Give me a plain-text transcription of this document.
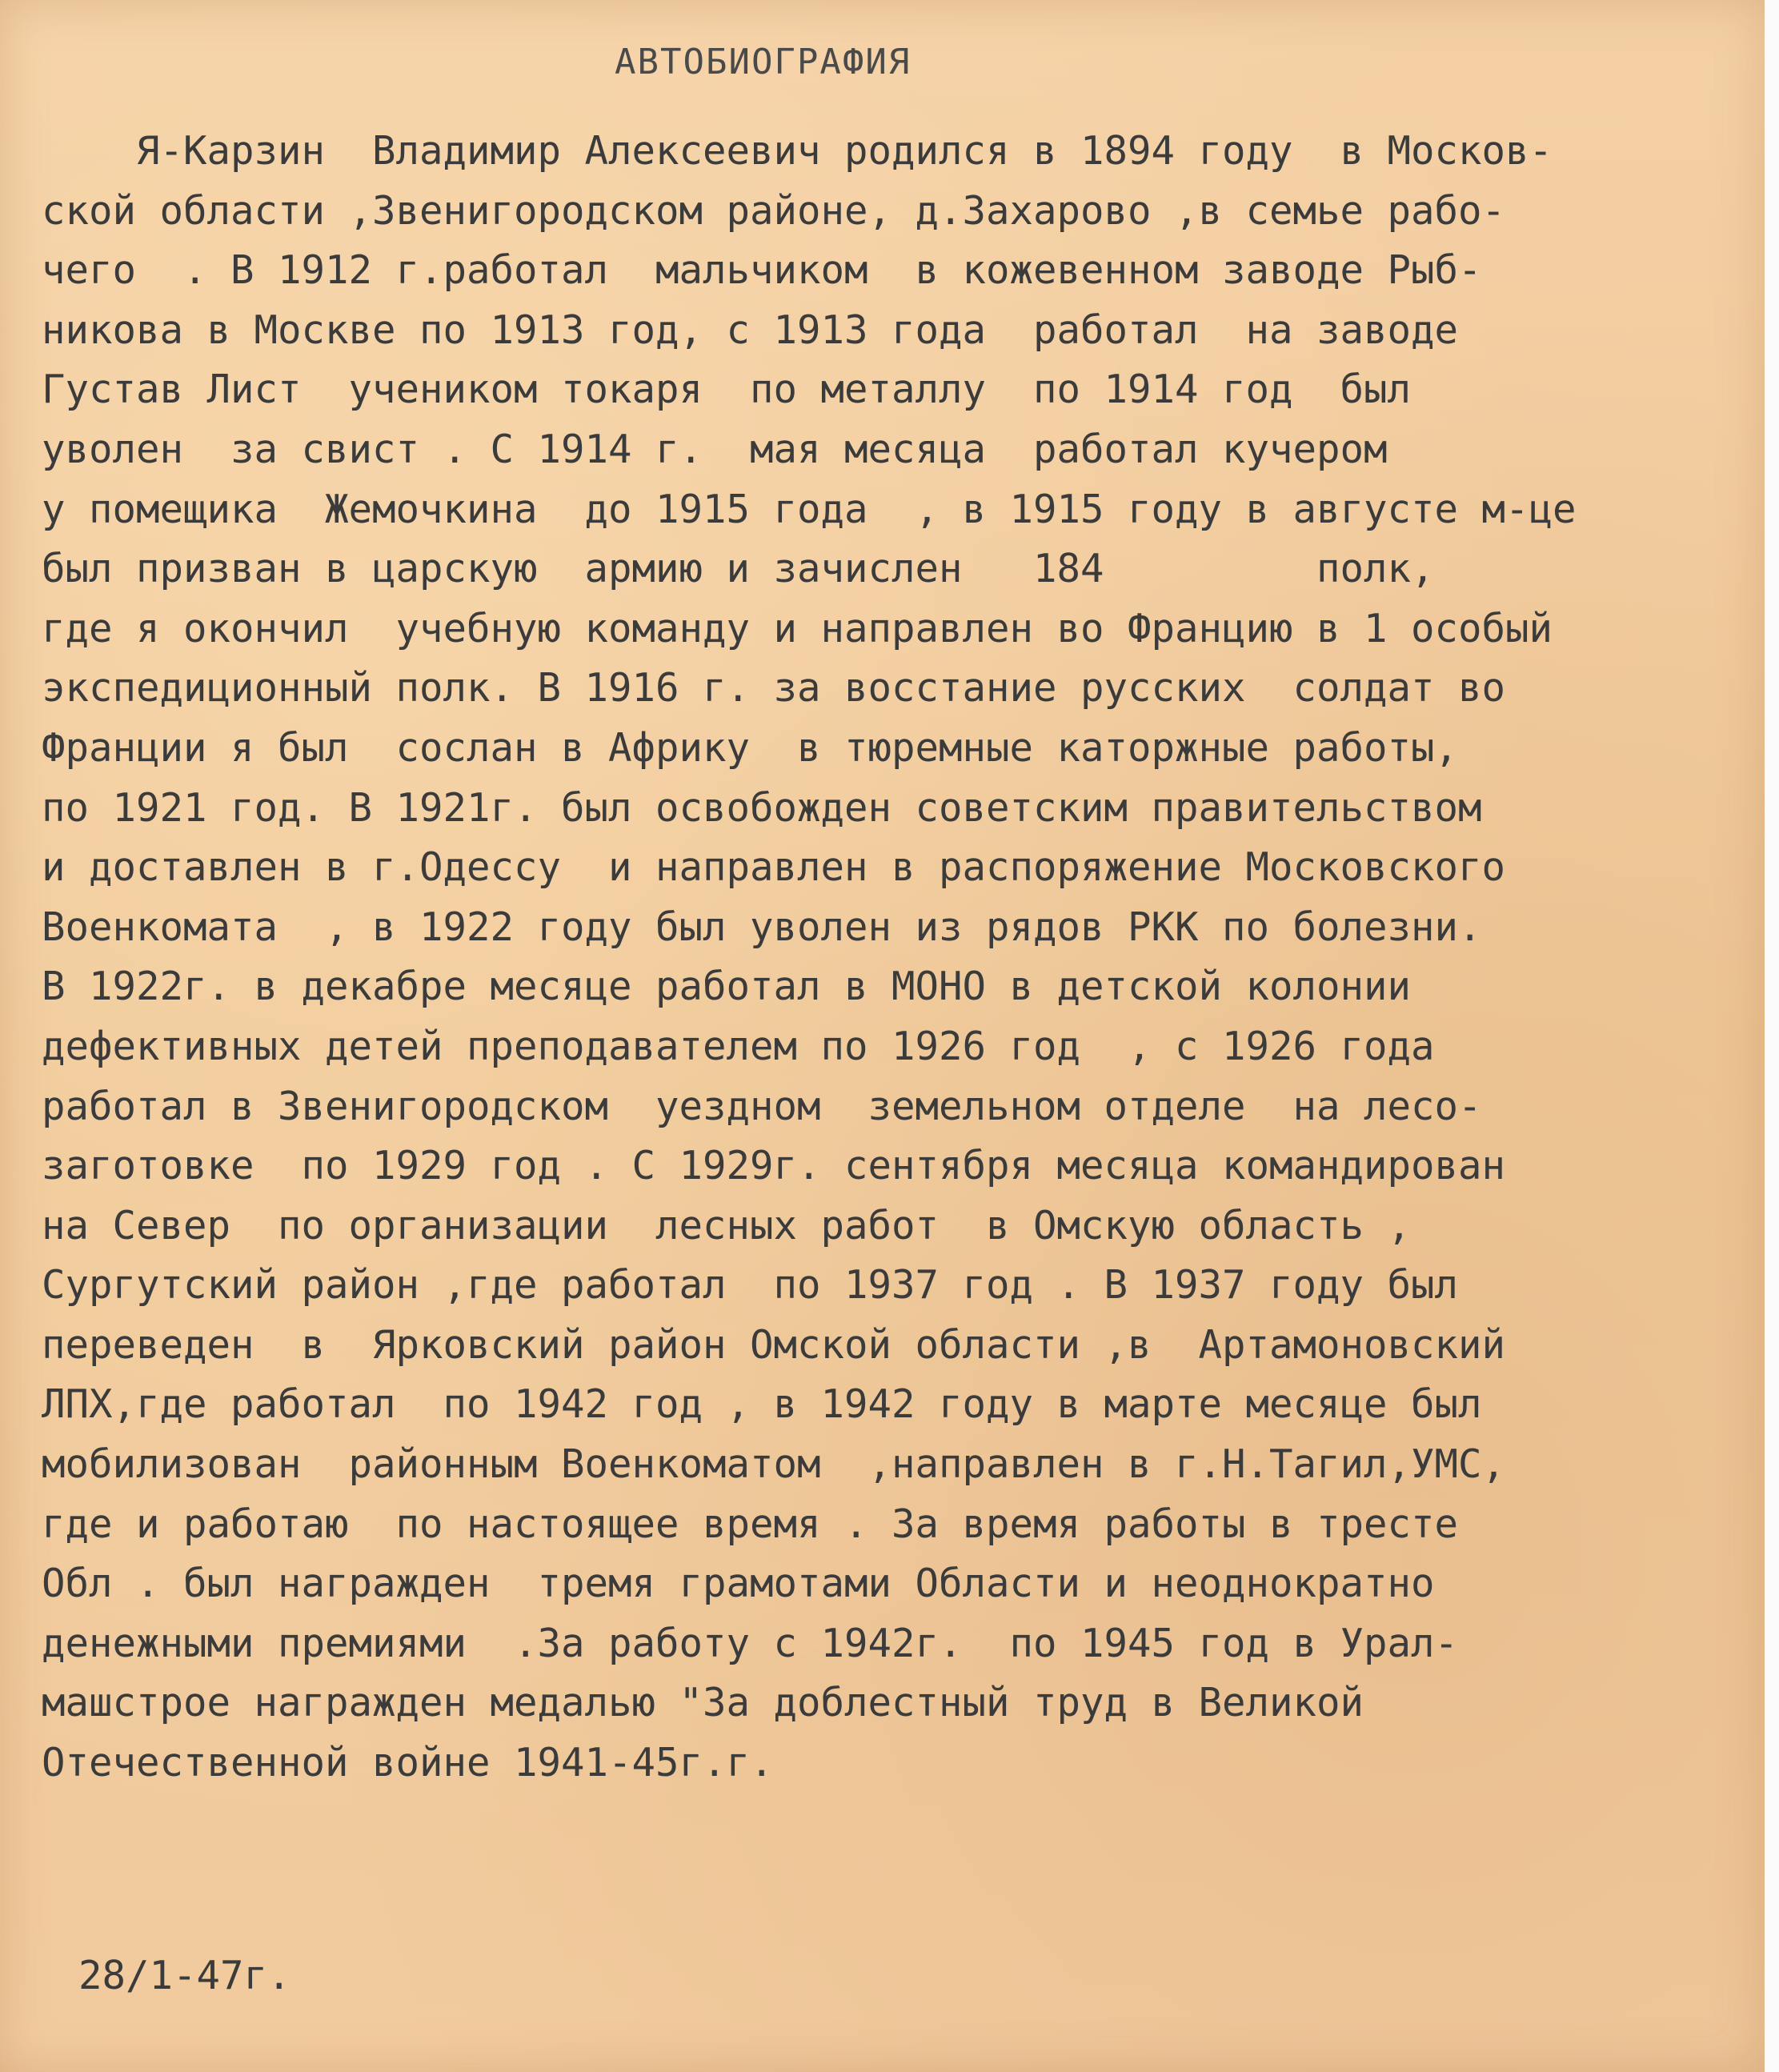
АВТОБИОГРАФИЯ
Я-Карзин  Владимир Алексеевич родился в 1894 году  в Москов-
ской области ,Звенигородском районе, д.Захарово ,в семье рабо-
чего  . В 1912 г.работал  мальчиком  в кожевенном заводе Рыб-
никова в Москве по 1913 год, с 1913 года  работал  на заводе
Густав Лист  учеником токаря  по металлу  по 1914 год  был
уволен  за свист . С 1914 г.  мая месяца  работал кучером
у помещика  Жемочкина  до 1915 года  , в 1915 году в августе м-це
был призван в царскую  армию и зачислен   184         полк,
где я окончил  учебную команду и направлен во Францию в 1 особый
экспедиционный полк. В 1916 г. за восстание русских  солдат во
Франции я был  сослан в Африку  в тюремные каторжные работы,
по 1921 год. В 1921г. был освобожден советским правительством
и доставлен в г.Одессу  и направлен в распоряжение Московского
Военкомата  , в 1922 году был уволен из рядов РКК по болезни.
В 1922г. в декабре месяце работал в МОНО в детской колонии
дефективных детей преподавателем по 1926 год  , с 1926 года
работал в Звенигородском  уездном  земельном отделе  на лесо-
заготовке  по 1929 год . С 1929г. сентября месяца командирован
на Север  по организации  лесных работ  в Омскую область ,
Сургутский район ,где работал  по 1937 год . В 1937 году был
переведен  в  Ярковский район Омской области ,в  Артамоновский
ЛПХ,где работал  по 1942 год , в 1942 году в марте месяце был
мобилизован  районным Военкоматом  ,направлен в г.Н.Тагил,УМС,
где и работаю  по настоящее время . За время работы в тресте
Обл . был награжден  тремя грамотами Области и неоднократно
денежными премиями  .За работу с 1942г.  по 1945 год в Урал-
машстрое награжден медалью "За доблестный труд в Великой
Отечественной войне 1941-45г.г.

28/1-47г.
